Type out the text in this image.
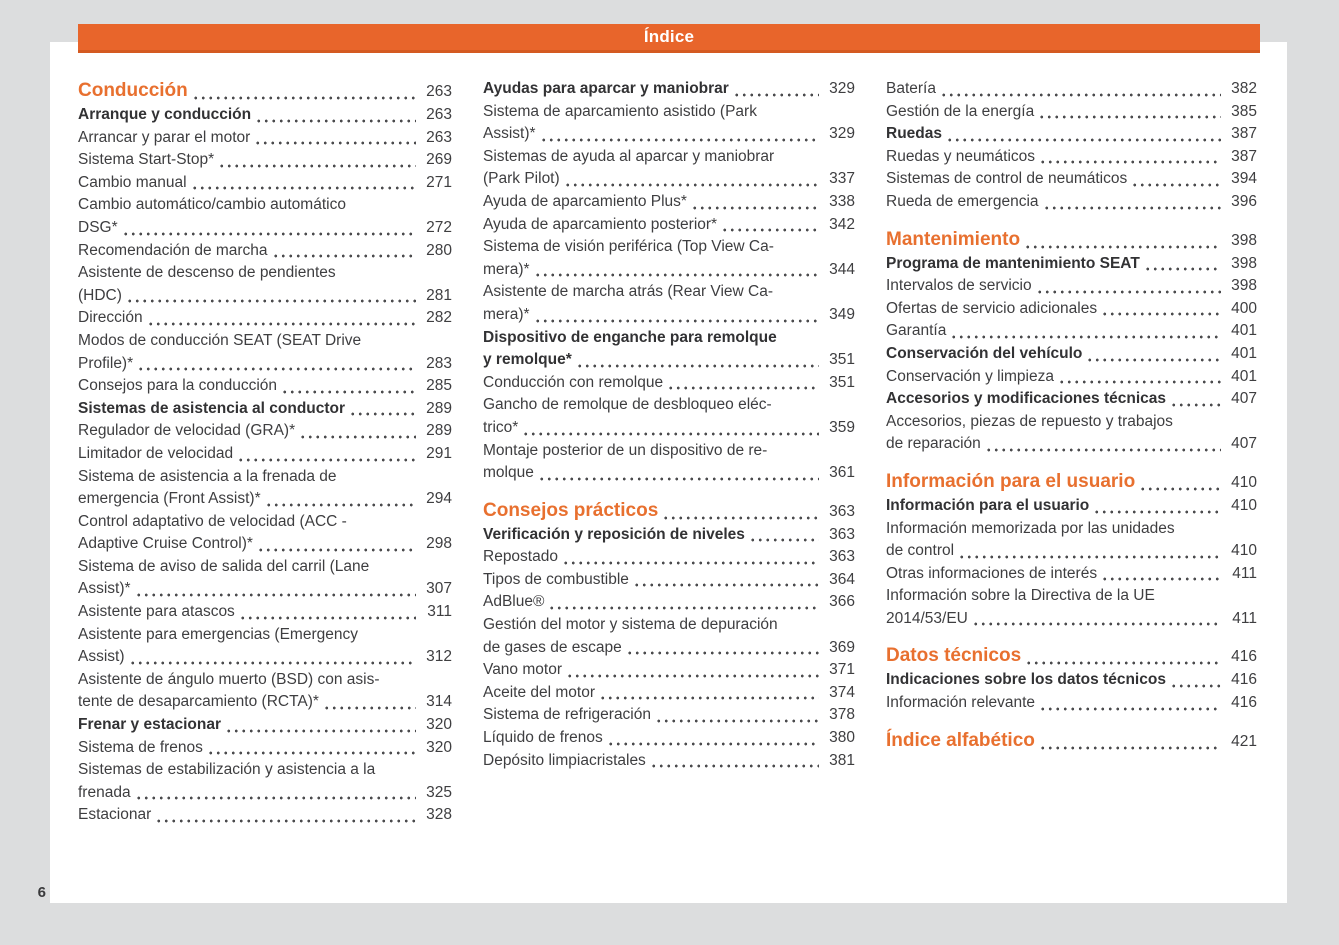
Índice
Conducción	263
Arranque y conducción	263
Arrancar y parar el motor	263
Sistema Start-Stop*	269
Cambio manual	271
Cambio automático/cambio automático
DSG*	272
Recomendación de marcha	280
Asistente de descenso de pendientes
(HDC)	281
Dirección	282
Modos de conducción SEAT (SEAT Drive
Profile)*	283
Consejos para la conducción	285
Sistemas de asistencia al conductor	289
Regulador de velocidad (GRA)*	289
Limitador de velocidad	291
Sistema de asistencia a la frenada de
emergencia (Front Assist)*	294
Control adaptativo de velocidad (ACC -
Adaptive Cruise Control)*	298
Sistema de aviso de salida del carril (Lane
Assist)*	307
Asistente para atascos	311
Asistente para emergencias (Emergency
Assist)	312
Asistente de ángulo muerto (BSD) con asis-
tente de desaparcamiento (RCTA)*	314
Frenar y estacionar	320
Sistema de frenos	320
Sistemas de estabilización y asistencia a la
frenada	325
Estacionar	328
Ayudas para aparcar y maniobrar	329
Sistema de aparcamiento asistido (Park
Assist)*	329
Sistemas de ayuda al aparcar y maniobrar
(Park Pilot)	337
Ayuda de aparcamiento Plus*	338
Ayuda de aparcamiento posterior*	342
Sistema de visión periférica (Top View Ca-
mera)*	344
Asistente de marcha atrás (Rear View Ca-
mera)*	349
Dispositivo de enganche para remolque
y remolque*	351
Conducción con remolque	351
Gancho de remolque de desbloqueo eléc-
trico*	359
Montaje posterior de un dispositivo de re-
molque	361
Consejos prácticos	363
Verificación y reposición de niveles	363
Repostado	363
Tipos de combustible	364
AdBlue®	366
Gestión del motor y sistema de depuración
de gases de escape	369
Vano motor	371
Aceite del motor	374
Sistema de refrigeración	378
Líquido de frenos	380
Depósito limpiacristales	381
Batería	382
Gestión de la energía	385
Ruedas	387
Ruedas y neumáticos	387
Sistemas de control de neumáticos	394
Rueda de emergencia	396
Mantenimiento	398
Programa de mantenimiento SEAT	398
Intervalos de servicio	398
Ofertas de servicio adicionales	400
Garantía	401
Conservación del vehículo	401
Conservación y limpieza	401
Accesorios y modificaciones técnicas	407
Accesorios, piezas de repuesto y trabajos
de reparación	407
Información para el usuario	410
Información para el usuario	410
Información memorizada por las unidades
de control	410
Otras informaciones de interés	411
Información sobre la Directiva de la UE
2014/53/EU	411
Datos técnicos	416
Indicaciones sobre los datos técnicos	416
Información relevante	416
Índice alfabético	421
6
